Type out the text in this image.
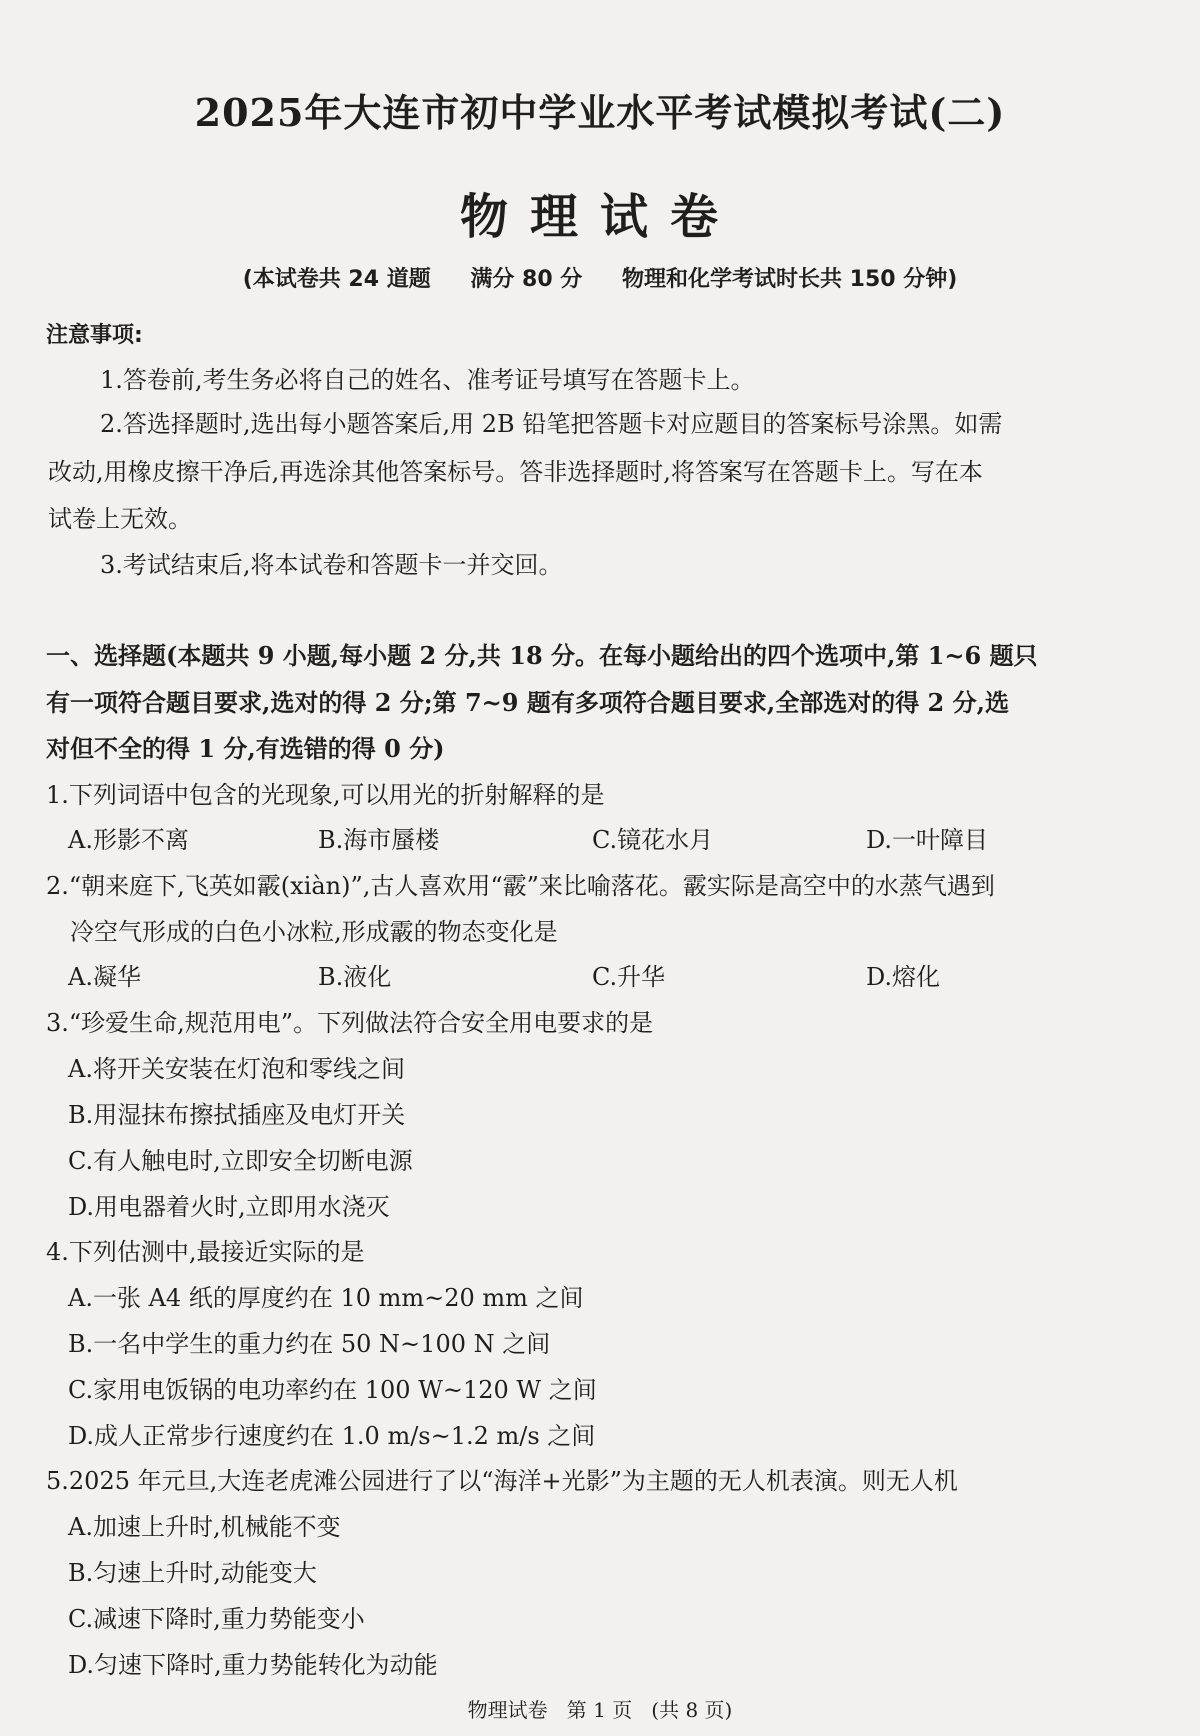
2025年大连市初中学业水平考试模拟考试(二)
物理试卷
(本试卷共 24 道题 满分 80 分 物理和化学考试时长共 150 分钟)
注意事项:
1.答卷前,考生务必将自己的姓名、准考证号填写在答题卡上。
2.答选择题时,选出每小题答案后,用 2B 铅笔把答题卡对应题目的答案标号涂黑。如需
改动,用橡皮擦干净后,再选涂其他答案标号。答非选择题时,将答案写在答题卡上。写在本
试卷上无效。
3.考试结束后,将本试卷和答题卡一并交回。
一、选择题(本题共 9 小题,每小题 2 分,共 18 分。在每小题给出的四个选项中,第 1~6 题只
有一项符合题目要求,选对的得 2 分;第 7~9 题有多项符合题目要求,全部选对的得 2 分,选
对但不全的得 1 分,有选错的得 0 分)
1.下列词语中包含的光现象,可以用光的折射解释的是
A.形影不离	B.海市蜃楼	C.镜花水月	D.一叶障目
2.“朝来庭下,飞英如霰(xiàn)”,古人喜欢用“霰”来比喻落花。霰实际是高空中的水蒸气遇到
冷空气形成的白色小冰粒,形成霰的物态变化是
A.凝华	B.液化	C.升华	D.熔化
3.“珍爱生命,规范用电”。下列做法符合安全用电要求的是
A.将开关安装在灯泡和零线之间
B.用湿抹布擦拭插座及电灯开关
C.有人触电时,立即安全切断电源
D.用电器着火时,立即用水浇灭
4.下列估测中,最接近实际的是
A.一张 A4 纸的厚度约在 10 mm~20 mm 之间
B.一名中学生的重力约在 50 N~100 N 之间
C.家用电饭锅的电功率约在 100 W~120 W 之间
D.成人正常步行速度约在 1.0 m/s~1.2 m/s 之间
5.2025 年元旦,大连老虎滩公园进行了以“海洋+光影”为主题的无人机表演。则无人机
A.加速上升时,机械能不变
B.匀速上升时,动能变大
C.减速下降时,重力势能变小
D.匀速下降时,重力势能转化为动能
物理试卷 第 1 页 (共 8 页)
